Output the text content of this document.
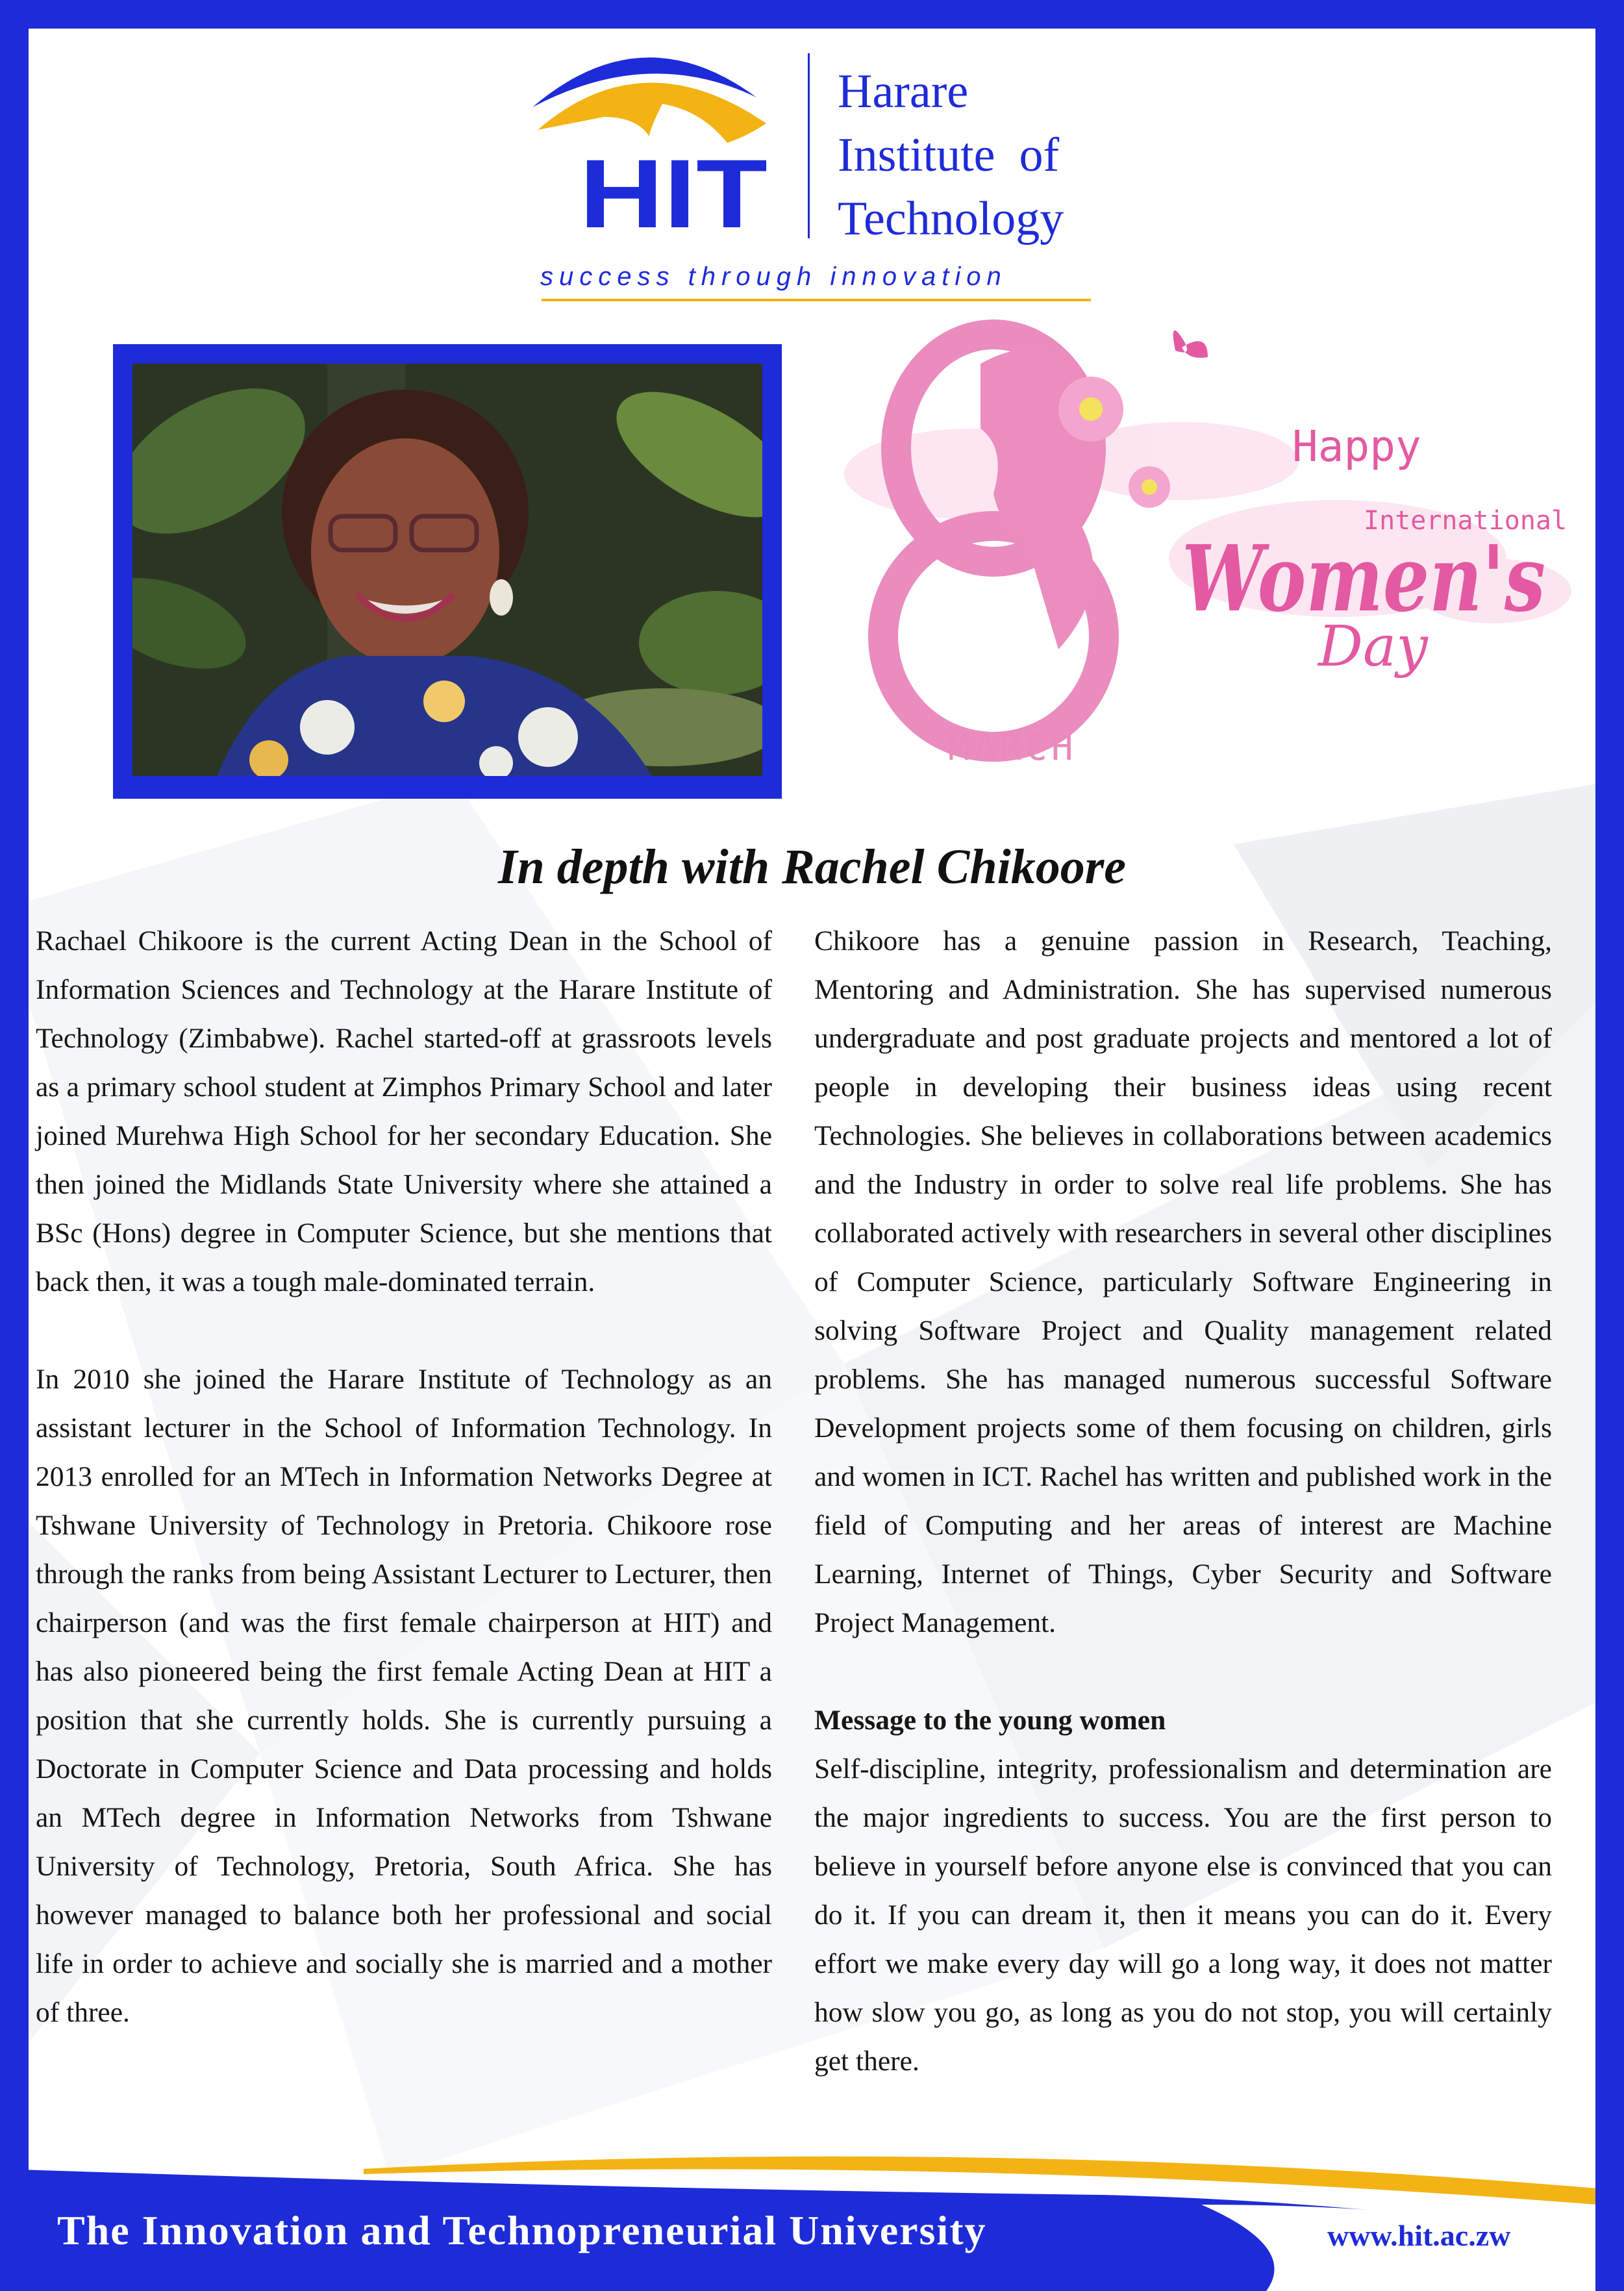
HIT
Harare
Institute  of
Technology
success through innovation
MARCH
Happy
International
Women's
Day
In depth with Rachel Chikoore

Rachael Chikoore is the current Acting Dean in the School of Information Sciences and Technology at the Harare Institute of Technology (Zimbabwe). Rachel started-off at grassroots levels as a primary school student at Zimphos Primary School and later joined Murehwa High School for her secondary Education. She then joined the Midlands State University where she attained a BSc (Hons) degree in Computer Science, but she mentions that back then, it was a tough male-dominated terrain.

In 2010 she joined the Harare Institute of Technology as an assistant lecturer in the School of Information Technology. In 2013 enrolled for an MTech in Information Networks Degree at Tshwane University of Technology in Pretoria. Chikoore rose through the ranks from being Assistant Lecturer to Lecturer, then chairperson (and was the first female chairperson at HIT) and has also pioneered being the first female Acting Dean at HIT a position that she currently holds. She is currently pursuing a Doctorate in Computer Science and Data processing and holds an MTech degree in Information Networks from Tshwane University of Technology, Pretoria, South Africa. She has however managed to balance both her professional and social life in order to achieve and socially she is married and a mother of three.

Chikoore has a genuine passion in Research, Teaching, Mentoring and Administration. She has supervised numerous undergraduate and post graduate projects and mentored a lot of people in developing their business ideas using recent Technologies. She believes in collaborations between academics and the Industry in order to solve real life problems. She has collaborated actively with researchers in several other disciplines of Computer Science, particularly Software Engineering in solving Software Project and Quality management related problems. She has managed numerous successful Software Development projects some of them focusing on children, girls and women in ICT. Rachel has written and published work in the field of Computing and her areas of interest are Machine Learning, Internet of Things, Cyber Security and Software Project Management.

Message to the young women

Self-discipline, integrity, professionalism and determination are the major ingredients to success. You are the first person to believe in yourself before anyone else is convinced that you can do it. If you can dream it, then it means you can do it. Every effort we make every day will go a long way, it does not matter how slow you go, as long as you do not stop, you will certainly get there.

The Innovation and Technopreneurial University	www.hit.ac.zw
